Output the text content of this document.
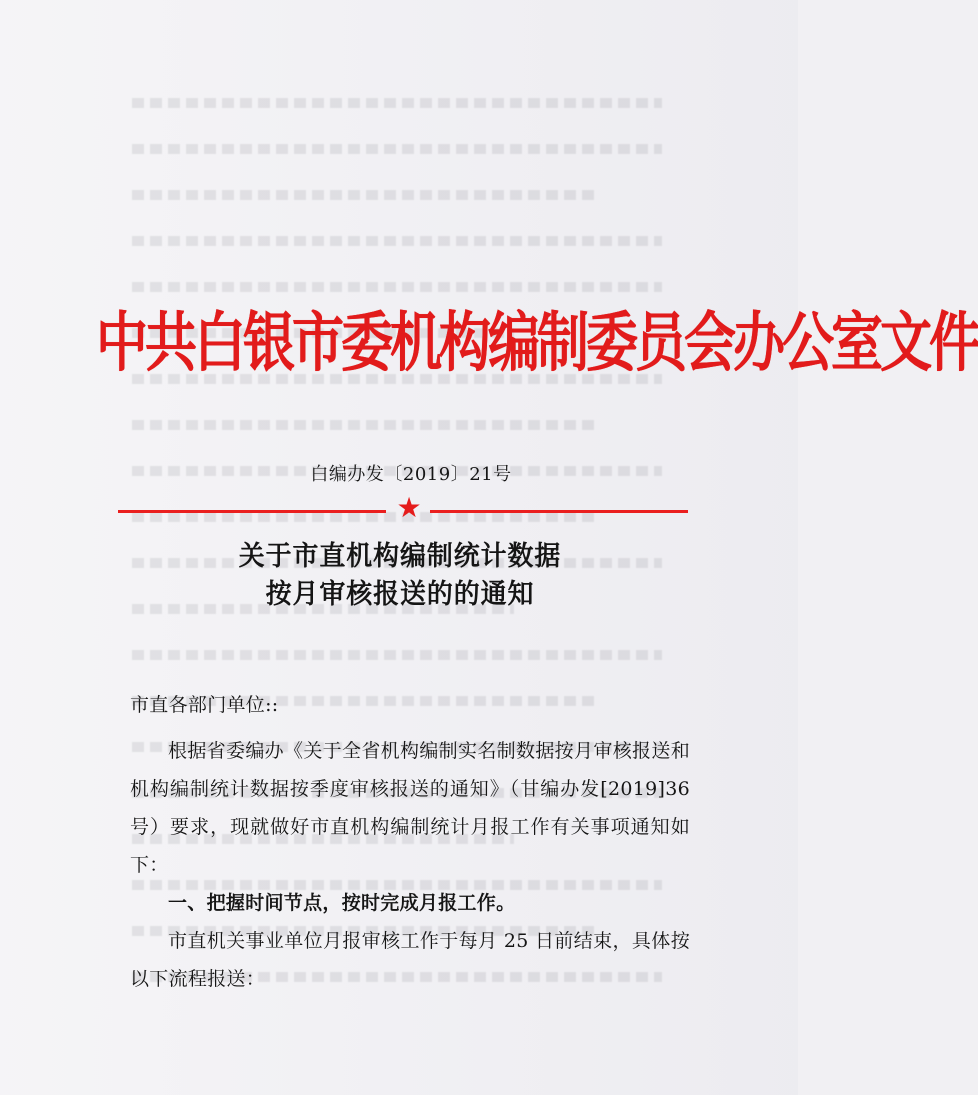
中共白银市委机构编制委员会办公室文件
白编办发〔2019〕21号
★
关于市直机构编制统计数据
按月审核报送的的通知

市直各部门单位::

根据省委编办《关于全省机构编制实名制数据按月审核报送和机构编制统计数据按季度审核报送的通知》（甘编办发[2019]36号）要求，现就做好市直机构编制统计月报工作有关事项通知如下：

一、把握时间节点，按时完成月报工作。

市直机关事业单位月报审核工作于每月 25 日前结束，具体按以下流程报送：
